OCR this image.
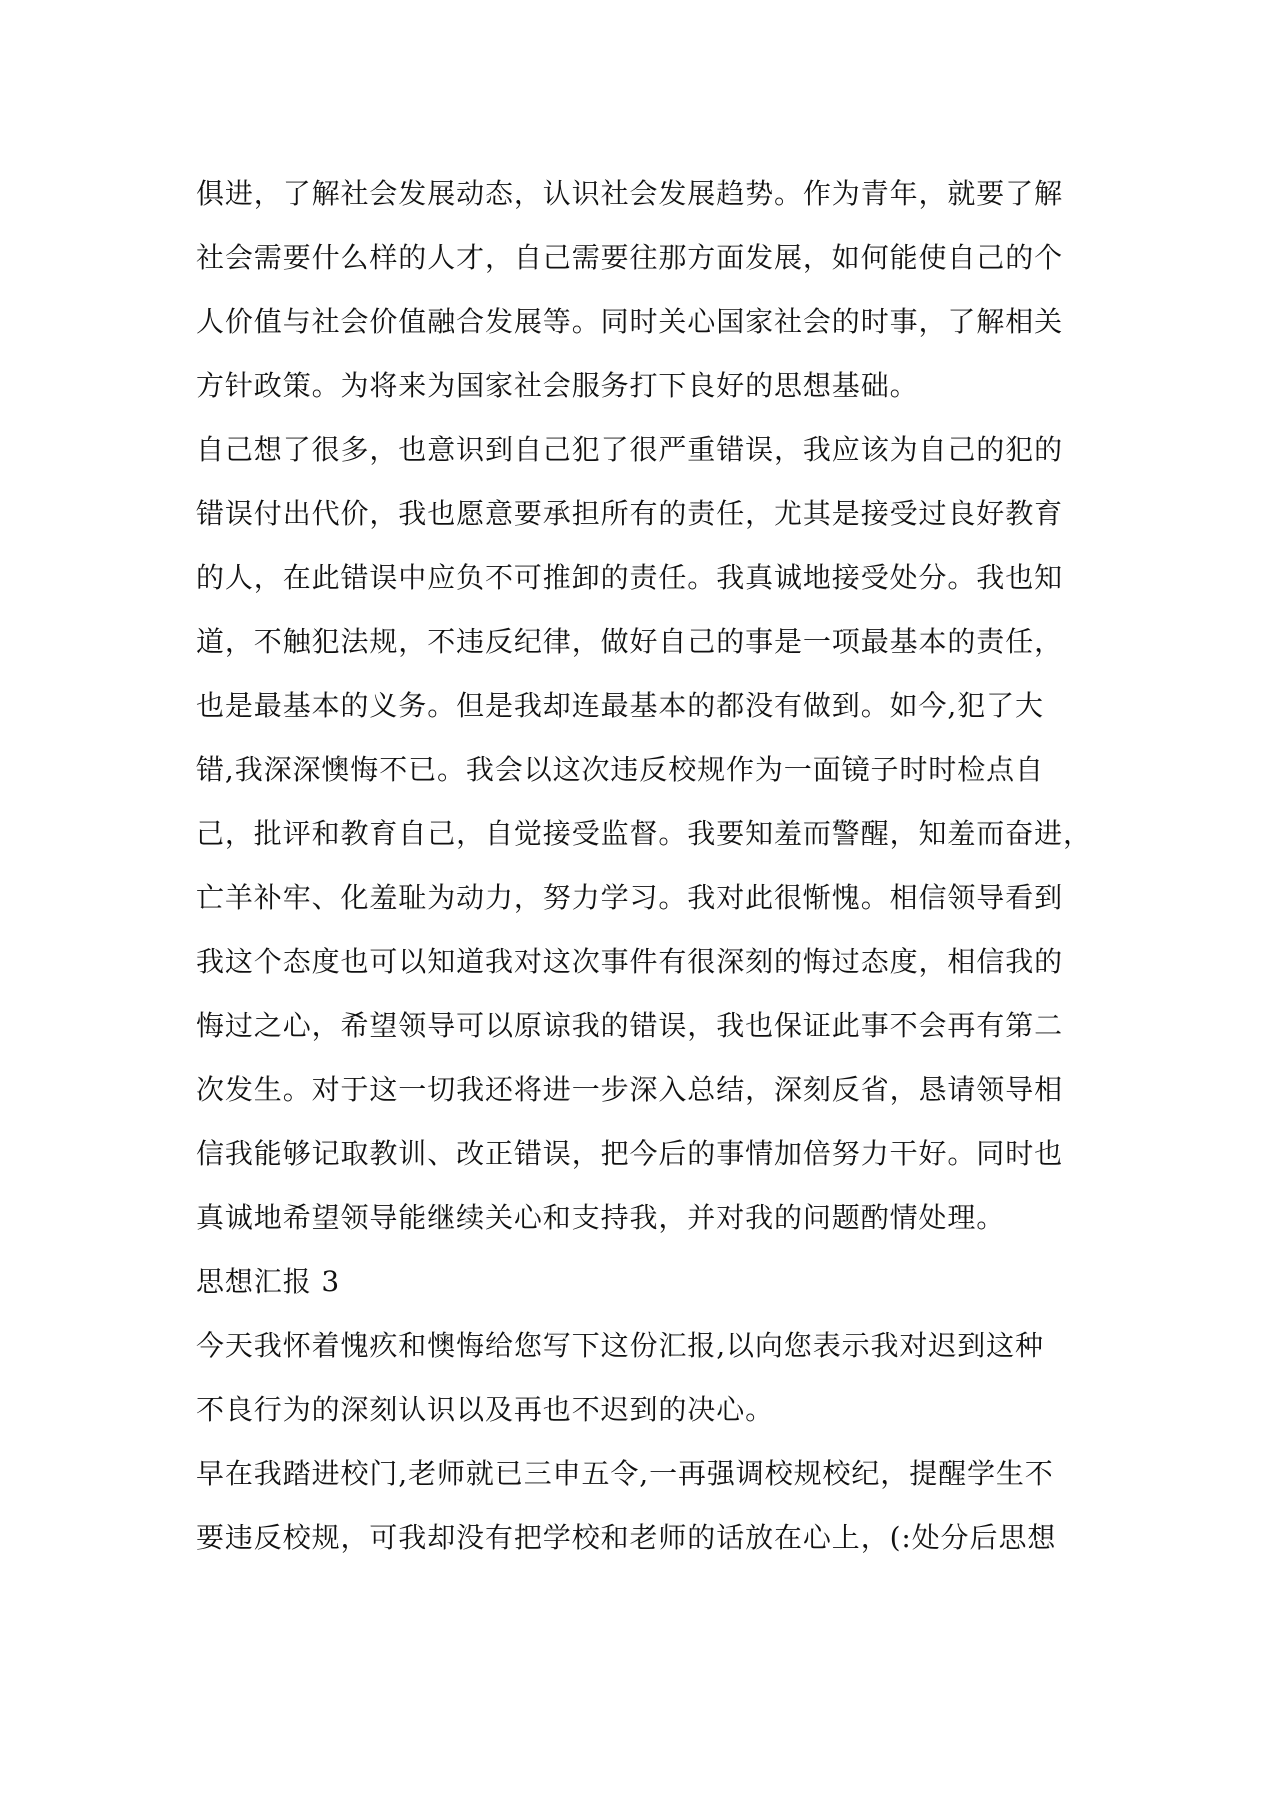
俱进，了解社会发展动态，认识社会发展趋势。作为青年，就要了解
社会需要什么样的人才，自己需要往那方面发展，如何能使自己的个
人价值与社会价值融合发展等。同时关心国家社会的时事，了解相关
方针政策。为将来为国家社会服务打下良好的思想基础。
自己想了很多，也意识到自己犯了很严重错误，我应该为自己的犯的
错误付出代价，我也愿意要承担所有的责任，尤其是接受过良好教育
的人，在此错误中应负不可推卸的责任。我真诚地接受处分。我也知
道，不触犯法规，不违反纪律，做好自己的事是一项最基本的责任，
也是最基本的义务。但是我却连最基本的都没有做到。如今,犯了大
错,我深深懊悔不已。我会以这次违反校规作为一面镜子时时检点自
己，批评和教育自己，自觉接受监督。我要知羞而警醒，知羞而奋进，
亡羊补牢、化羞耻为动力，努力学习。我对此很惭愧。相信领导看到
我这个态度也可以知道我对这次事件有很深刻的悔过态度，相信我的
悔过之心，希望领导可以原谅我的错误，我也保证此事不会再有第二
次发生。对于这一切我还将进一步深入总结，深刻反省，恳请领导相
信我能够记取教训、改正错误，把今后的事情加倍努力干好。同时也
真诚地希望领导能继续关心和支持我，并对我的问题酌情处理。
思想汇报 3
今天我怀着愧疚和懊悔给您写下这份汇报,以向您表示我对迟到这种
不良行为的深刻认识以及再也不迟到的决心。
早在我踏进校门,老师就已三申五令,一再强调校规校纪，提醒学生不
要违反校规，可我却没有把学校和老师的话放在心上，(:处分后思想
